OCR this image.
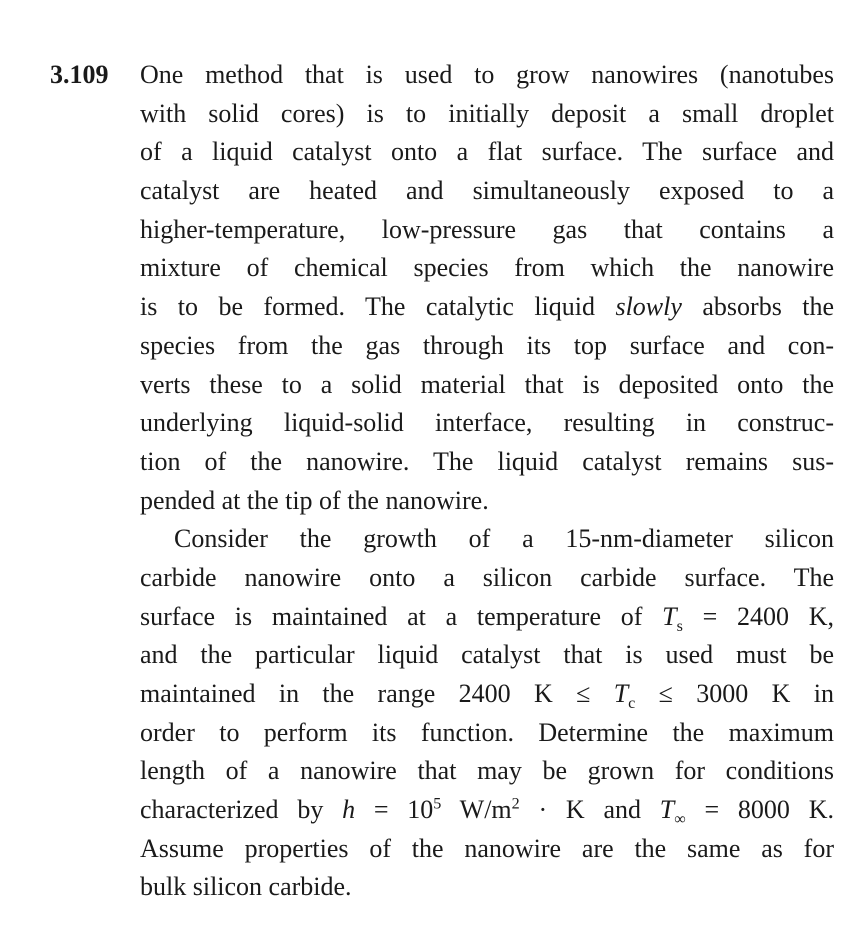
3.109 One method that is used to grow nanowires (nanotubes
with solid cores) is to initially deposit a small droplet
of a liquid catalyst onto a flat surface. The surface and
catalyst are heated and simultaneously exposed to a
higher-temperature, low-pressure gas that contains a
mixture of chemical species from which the nanowire
is to be formed. The catalytic liquid slowly absorbs the
species from the gas through its top surface and con-
verts these to a solid material that is deposited onto the
underlying liquid-solid interface, resulting in construc-
tion of the nanowire. The liquid catalyst remains sus-
pended at the tip of the nanowire.
Consider the growth of a 15-nm-diameter silicon
carbide nanowire onto a silicon carbide surface. The
surface is maintained at a temperature of $T_s = 2400$ K,
and the particular liquid catalyst that is used must be
maintained in the range 2400 $K \le T_c \le 3000$ K in
order to perform its function. Determine the maximum
length of a nanowire that may be grown for conditions
characterized by $h = 10^5$ $W/m^2 \cdot K$ and $T_\infty = 8000$ K.
Assume properties of the nanowire are the same as for
bulk silicon carbide.
